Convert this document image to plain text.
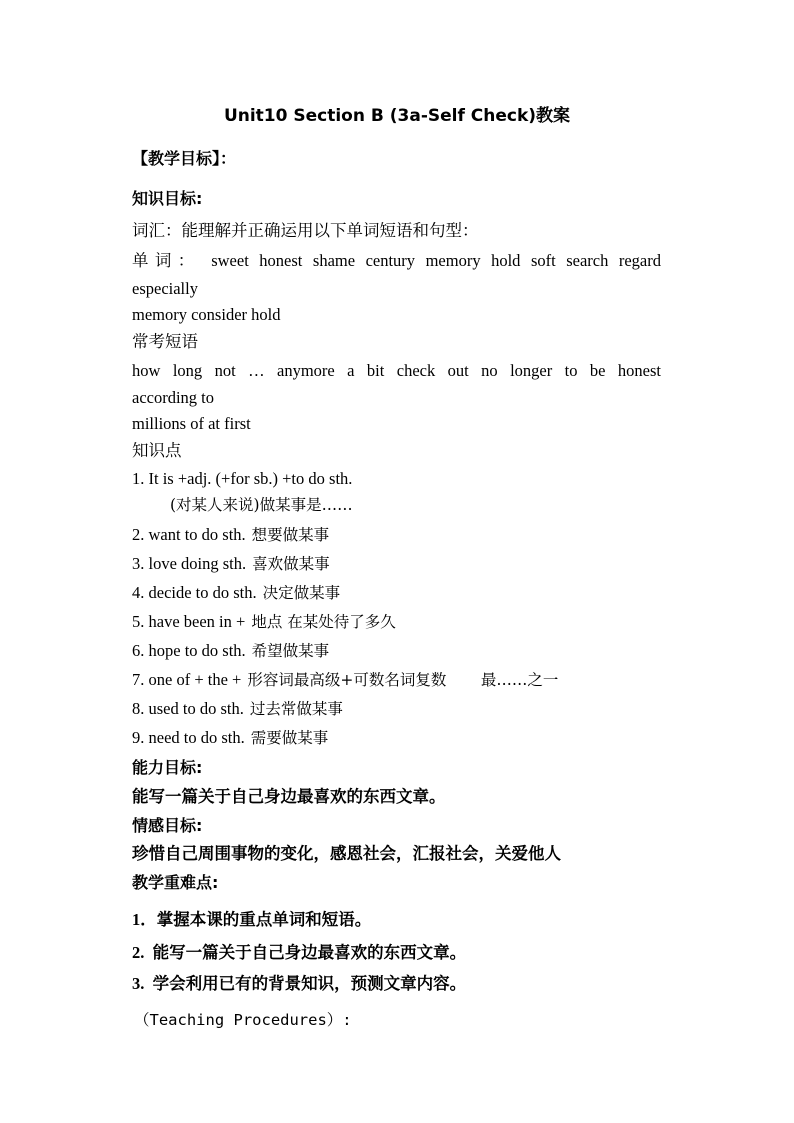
Unit10 Section B (3a-Self Check)教案
【教学目标】：
知识目标:
词汇：能理解并正确运用以下单词短语和句型：
单词： sweet honest shame century memory hold soft search regard
especially
memory consider hold
常考短语
how long not … anymore a bit check out no longer to be honest
according to
millions of at first
知识点
1. It is +adj. (+for sb.) +to do sth.
(对某人来说)做某事是……
2. want to do sth. 想要做某事
3. love doing sth. 喜欢做某事
4. decide to do sth. 决定做某事
5. have been in + 地点 在某处待了多久
6. hope to do sth. 希望做某事
7. one of + the + 形容词最高级+可数名词复数       最……之一
8. used to do sth. 过去常做某事
9. need to do sth. 需要做某事
能力目标:
能写一篇关于自己身边最喜欢的东西文章。
情感目标:
珍惜自己周围事物的变化，感恩社会，汇报社会，关爱他人
教学重难点:
1．掌握本课的重点单词和短语。
2.  能写一篇关于自己身边最喜欢的东西文章。
3.  学会利用已有的背景知识，预测文章内容。
（Teaching Procedures）:
